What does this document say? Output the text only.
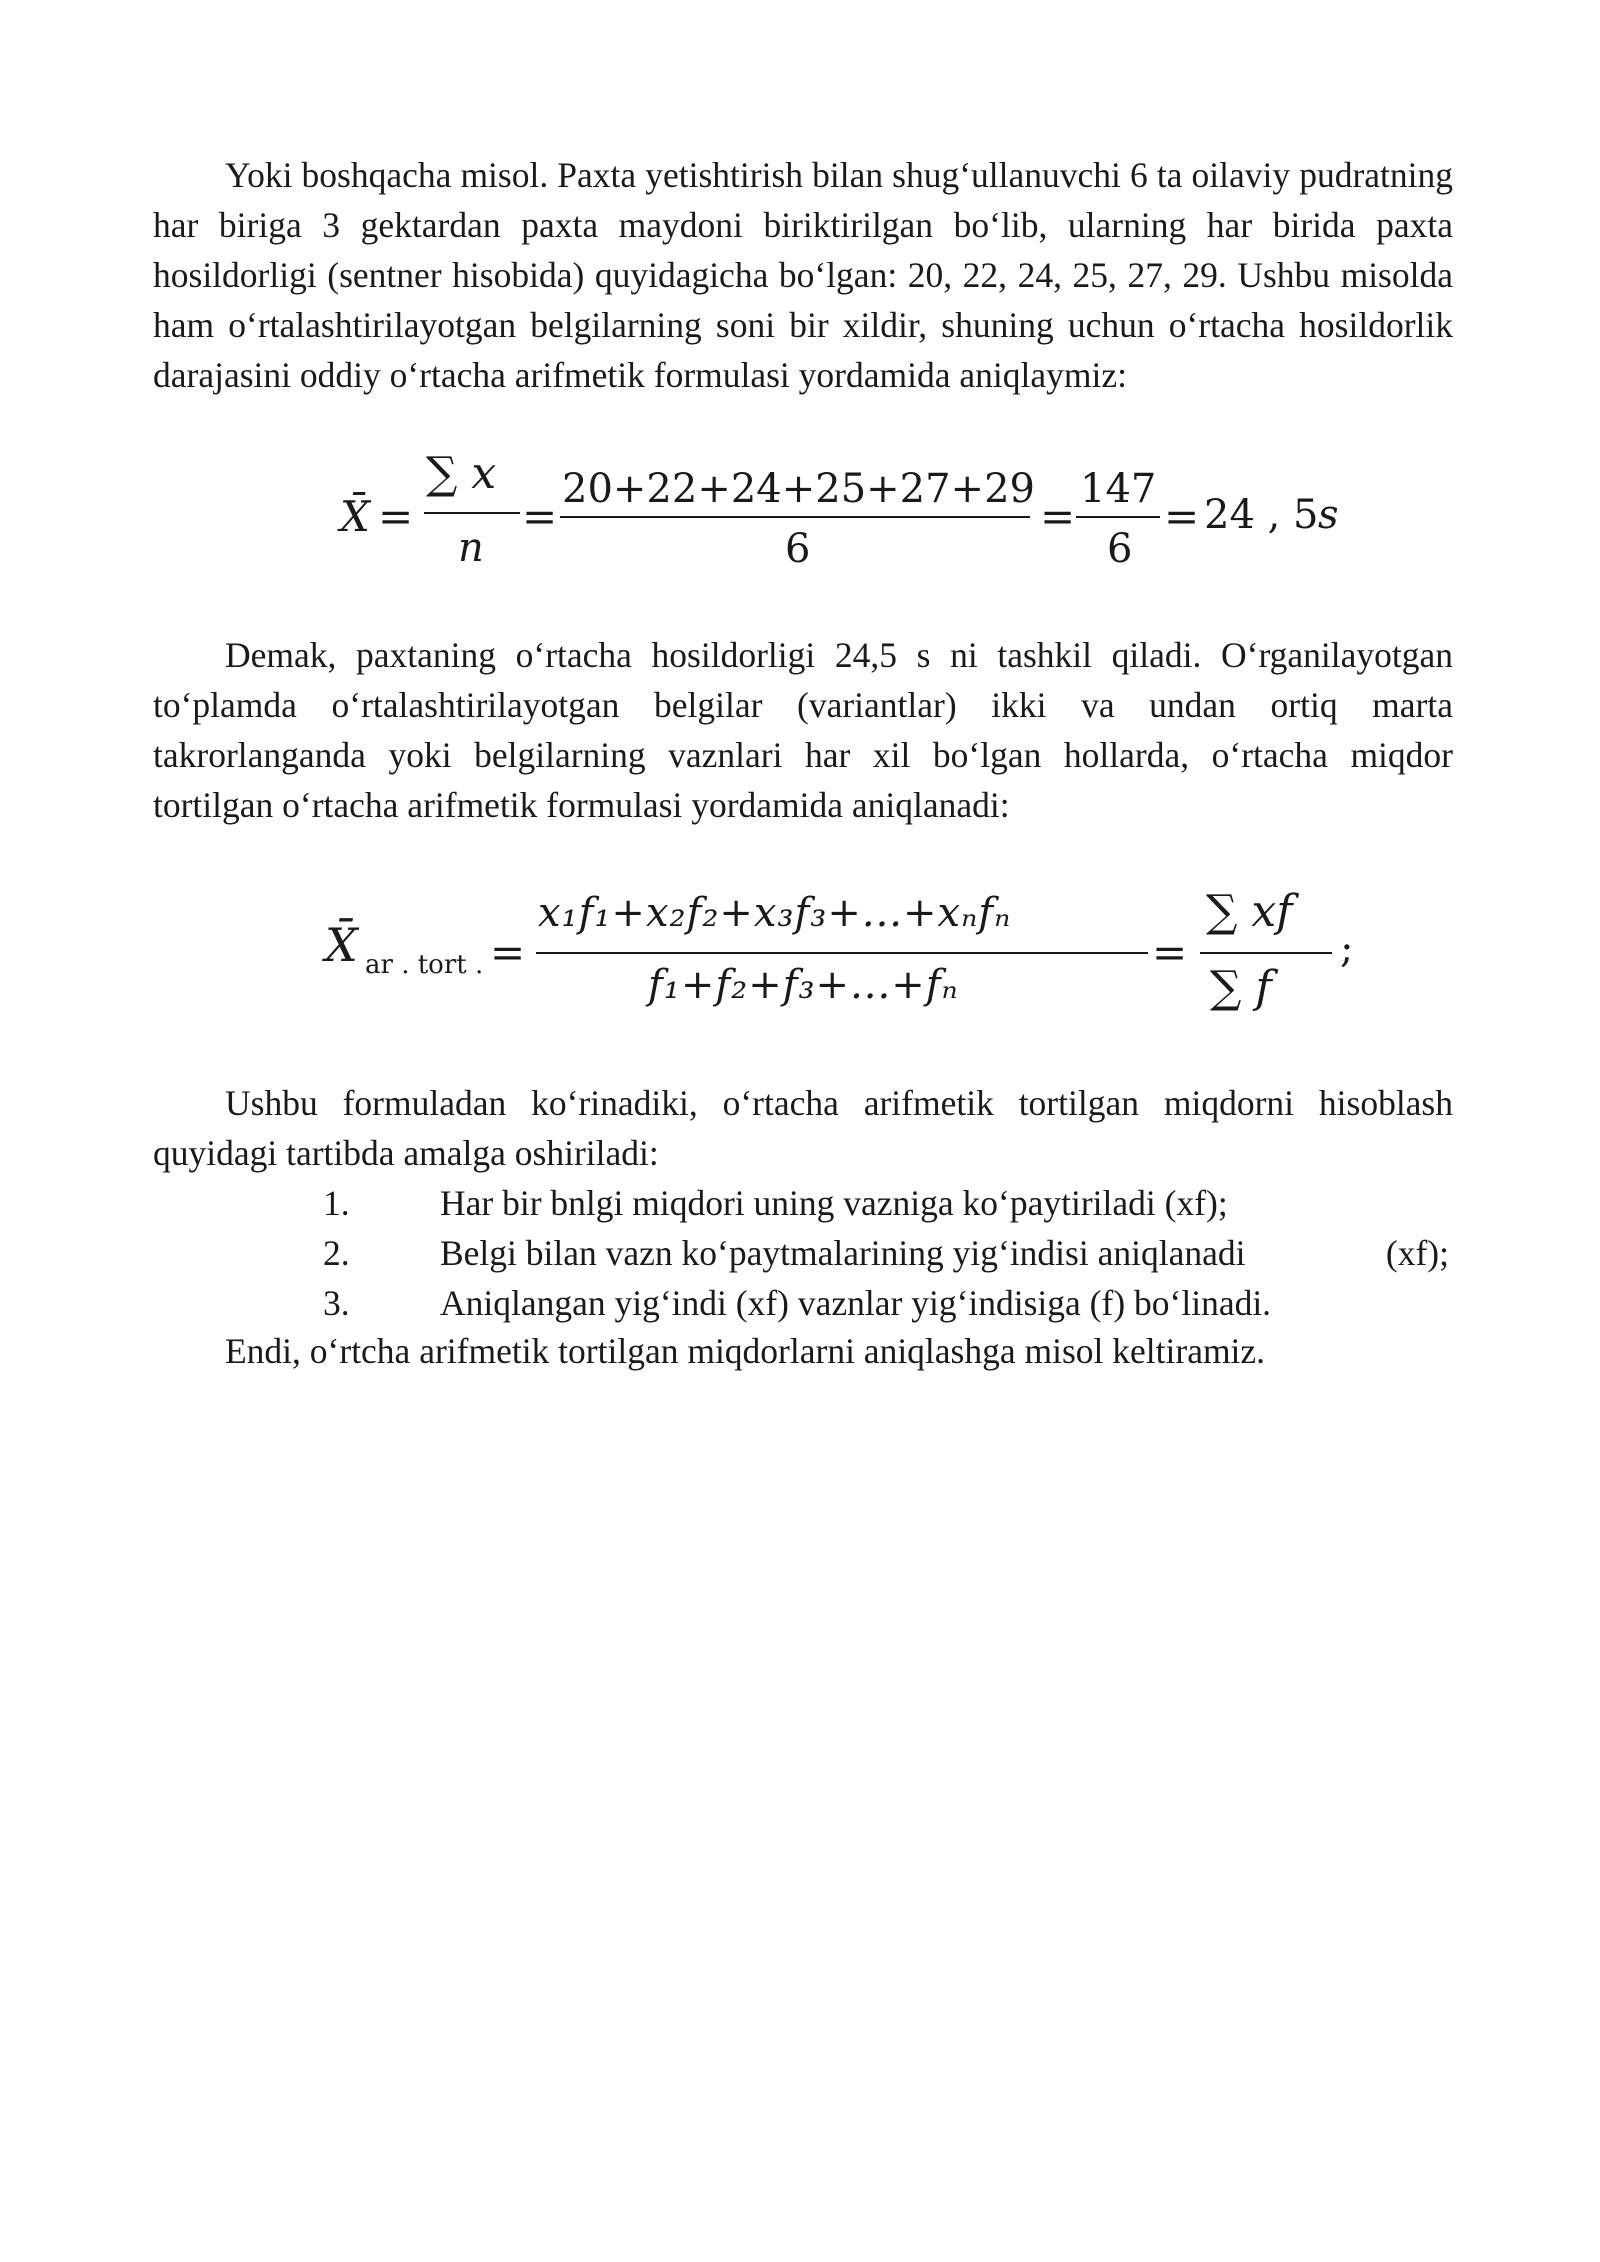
Yoki boshqacha misol. Paxta yetishtirish bilan shug‘ullanuvchi 6 ta oilaviy pudratning har biriga 3 gektardan paxta maydoni biriktirilgan bo‘lib, ularning har birida paxta hosildorligi (sentner hisobida) quyidagicha bo‘lgan: 20, 22, 24, 25, 27, 29. Ushbu misolda ham o‘rtalashtirilayotgan belgilarning soni bir xildir, shuning uchun o‘rtacha hosildorlik darajasini oddiy o‘rtacha arifmetik formulasi yordamida aniqlaymiz:

X̄ =
∑ x
n
=
20+22+24+25+27+29
6
=
147
6
= 24 , 5 s

Demak, paxtaning o‘rtacha hosildorligi 24,5 s ni tashkil qiladi. O‘rganilayotgan to‘plamda o‘rtalashtirilayotgan belgilar (variantlar) ikki va undan ortiq marta takrorlanganda yoki belgilarning vaznlari har xil bo‘lgan hollarda, o‘rtacha miqdor tortilgan o‘rtacha arifmetik formulasi yordamida aniqlanadi:

X̄ ar . tort . =
x₁f₁+x₂f₂+x₃f₃+...+xₙfₙ
f₁+f₂+f₃+...+fₙ
=
∑ xf
∑ f
;

Ushbu formuladan ko‘rinadiki, o‘rtacha arifmetik tortilgan miqdorni hisoblash quyidagi tartibda amalga oshiriladi:

1.	Har bir bnlgi miqdori uning vazniga ko‘paytiriladi (xf);
2.	Belgi bilan vazn ko‘paytmalarining yig‘indisi aniqlanadi	(xf);
3.	Aniqlangan yig‘indi (xf) vaznlar yig‘indisiga (f) bo‘linadi.
Endi, o‘rtcha arifmetik tortilgan miqdorlarni aniqlashga misol keltiramiz.
